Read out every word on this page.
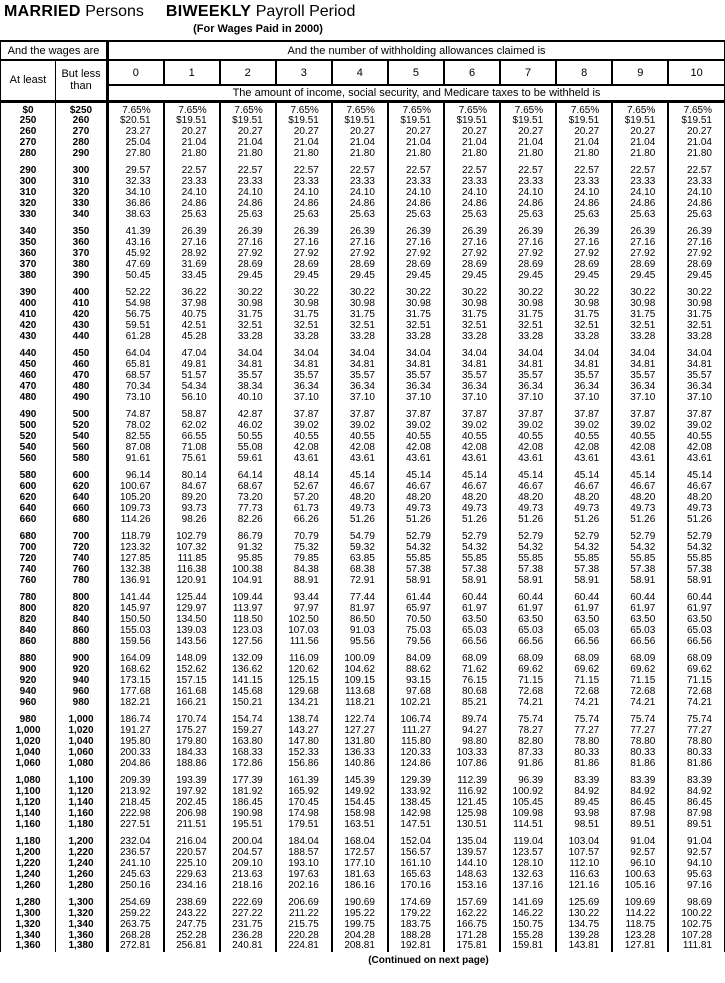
MARRIED Persons BIWEEKLY Payroll Period
(For Wages Paid in 2000)
And the wages are		And the number of withholding allowances claimed is										
At least	But less than	0	1	2	3	4	5	6	7	8	9	10
		The amount of income, social security, and Medicare taxes to be withheld is										
$0	$250	7.65%	7.65%	7.65%	7.65%	7.65%	7.65%	7.65%	7.65%	7.65%	7.65%	7.65%
250	260	$20.51	$19.51	$19.51	$19.51	$19.51	$19.51	$19.51	$19.51	$19.51	$19.51	$19.51
260	270	23.27	20.27	20.27	20.27	20.27	20.27	20.27	20.27	20.27	20.27	20.27
270	280	25.04	21.04	21.04	21.04	21.04	21.04	21.04	21.04	21.04	21.04	21.04
280	290	27.80	21.80	21.80	21.80	21.80	21.80	21.80	21.80	21.80	21.80	21.80
290	300	29.57	22.57	22.57	22.57	22.57	22.57	22.57	22.57	22.57	22.57	22.57
300	310	32.33	23.33	23.33	23.33	23.33	23.33	23.33	23.33	23.33	23.33	23.33
310	320	34.10	24.10	24.10	24.10	24.10	24.10	24.10	24.10	24.10	24.10	24.10
320	330	36.86	24.86	24.86	24.86	24.86	24.86	24.86	24.86	24.86	24.86	24.86
330	340	38.63	25.63	25.63	25.63	25.63	25.63	25.63	25.63	25.63	25.63	25.63
340	350	41.39	26.39	26.39	26.39	26.39	26.39	26.39	26.39	26.39	26.39	26.39
350	360	43.16	27.16	27.16	27.16	27.16	27.16	27.16	27.16	27.16	27.16	27.16
360	370	45.92	28.92	27.92	27.92	27.92	27.92	27.92	27.92	27.92	27.92	27.92
370	380	47.69	31.69	28.69	28.69	28.69	28.69	28.69	28.69	28.69	28.69	28.69
380	390	50.45	33.45	29.45	29.45	29.45	29.45	29.45	29.45	29.45	29.45	29.45
390	400	52.22	36.22	30.22	30.22	30.22	30.22	30.22	30.22	30.22	30.22	30.22
400	410	54.98	37.98	30.98	30.98	30.98	30.98	30.98	30.98	30.98	30.98	30.98
410	420	56.75	40.75	31.75	31.75	31.75	31.75	31.75	31.75	31.75	31.75	31.75
420	430	59.51	42.51	32.51	32.51	32.51	32.51	32.51	32.51	32.51	32.51	32.51
430	440	61.28	45.28	33.28	33.28	33.28	33.28	33.28	33.28	33.28	33.28	33.28
440	450	64.04	47.04	34.04	34.04	34.04	34.04	34.04	34.04	34.04	34.04	34.04
450	460	65.81	49.81	34.81	34.81	34.81	34.81	34.81	34.81	34.81	34.81	34.81
460	470	68.57	51.57	35.57	35.57	35.57	35.57	35.57	35.57	35.57	35.57	35.57
470	480	70.34	54.34	38.34	36.34	36.34	36.34	36.34	36.34	36.34	36.34	36.34
480	490	73.10	56.10	40.10	37.10	37.10	37.10	37.10	37.10	37.10	37.10	37.10
490	500	74.87	58.87	42.87	37.87	37.87	37.87	37.87	37.87	37.87	37.87	37.87
500	520	78.02	62.02	46.02	39.02	39.02	39.02	39.02	39.02	39.02	39.02	39.02
520	540	82.55	66.55	50.55	40.55	40.55	40.55	40.55	40.55	40.55	40.55	40.55
540	560	87.08	71.08	55.08	42.08	42.08	42.08	42.08	42.08	42.08	42.08	42.08
560	580	91.61	75.61	59.61	43.61	43.61	43.61	43.61	43.61	43.61	43.61	43.61
580	600	96.14	80.14	64.14	48.14	45.14	45.14	45.14	45.14	45.14	45.14	45.14
600	620	100.67	84.67	68.67	52.67	46.67	46.67	46.67	46.67	46.67	46.67	46.67
620	640	105.20	89.20	73.20	57.20	48.20	48.20	48.20	48.20	48.20	48.20	48.20
640	660	109.73	93.73	77.73	61.73	49.73	49.73	49.73	49.73	49.73	49.73	49.73
660	680	114.26	98.26	82.26	66.26	51.26	51.26	51.26	51.26	51.26	51.26	51.26
680	700	118.79	102.79	86.79	70.79	54.79	52.79	52.79	52.79	52.79	52.79	52.79
700	720	123.32	107.32	91.32	75.32	59.32	54.32	54.32	54.32	54.32	54.32	54.32
720	740	127.85	111.85	95.85	79.85	63.85	55.85	55.85	55.85	55.85	55.85	55.85
740	760	132.38	116.38	100.38	84.38	68.38	57.38	57.38	57.38	57.38	57.38	57.38
760	780	136.91	120.91	104.91	88.91	72.91	58.91	58.91	58.91	58.91	58.91	58.91
780	800	141.44	125.44	109.44	93.44	77.44	61.44	60.44	60.44	60.44	60.44	60.44
800	820	145.97	129.97	113.97	97.97	81.97	65.97	61.97	61.97	61.97	61.97	61.97
820	840	150.50	134.50	118.50	102.50	86.50	70.50	63.50	63.50	63.50	63.50	63.50
840	860	155.03	139.03	123.03	107.03	91.03	75.03	65.03	65.03	65.03	65.03	65.03
860	880	159.56	143.56	127.56	111.56	95.56	79.56	66.56	66.56	66.56	66.56	66.56
880	900	164.09	148.09	132.09	116.09	100.09	84.09	68.09	68.09	68.09	68.09	68.09
900	920	168.62	152.62	136.62	120.62	104.62	88.62	71.62	69.62	69.62	69.62	69.62
920	940	173.15	157.15	141.15	125.15	109.15	93.15	76.15	71.15	71.15	71.15	71.15
940	960	177.68	161.68	145.68	129.68	113.68	97.68	80.68	72.68	72.68	72.68	72.68
960	980	182.21	166.21	150.21	134.21	118.21	102.21	85.21	74.21	74.21	74.21	74.21
980	1,000	186.74	170.74	154.74	138.74	122.74	106.74	89.74	75.74	75.74	75.74	75.74
1,000	1,020	191.27	175.27	159.27	143.27	127.27	111.27	94.27	78.27	77.27	77.27	77.27
1,020	1,040	195.80	179.80	163.80	147.80	131.80	115.80	98.80	82.80	78.80	78.80	78.80
1,040	1,060	200.33	184.33	168.33	152.33	136.33	120.33	103.33	87.33	80.33	80.33	80.33
1,060	1,080	204.86	188.86	172.86	156.86	140.86	124.86	107.86	91.86	81.86	81.86	81.86
1,080	1,100	209.39	193.39	177.39	161.39	145.39	129.39	112.39	96.39	83.39	83.39	83.39
1,100	1,120	213.92	197.92	181.92	165.92	149.92	133.92	116.92	100.92	84.92	84.92	84.92
1,120	1,140	218.45	202.45	186.45	170.45	154.45	138.45	121.45	105.45	89.45	86.45	86.45
1,140	1,160	222.98	206.98	190.98	174.98	158.98	142.98	125.98	109.98	93.98	87.98	87.98
1,160	1,180	227.51	211.51	195.51	179.51	163.51	147.51	130.51	114.51	98.51	89.51	89.51
1,180	1,200	232.04	216.04	200.04	184.04	168.04	152.04	135.04	119.04	103.04	91.04	91.04
1,200	1,220	236.57	220.57	204.57	188.57	172.57	156.57	139.57	123.57	107.57	92.57	92.57
1,220	1,240	241.10	225.10	209.10	193.10	177.10	161.10	144.10	128.10	112.10	96.10	94.10
1,240	1,260	245.63	229.63	213.63	197.63	181.63	165.63	148.63	132.63	116.63	100.63	95.63
1,260	1,280	250.16	234.16	218.16	202.16	186.16	170.16	153.16	137.16	121.16	105.16	97.16
1,280	1,300	254.69	238.69	222.69	206.69	190.69	174.69	157.69	141.69	125.69	109.69	98.69
1,300	1,320	259.22	243.22	227.22	211.22	195.22	179.22	162.22	146.22	130.22	114.22	100.22
1,320	1,340	263.75	247.75	231.75	215.75	199.75	183.75	166.75	150.75	134.75	118.75	102.75
1,340	1,360	268.28	252.28	236.28	220.28	204.28	188.28	171.28	155.28	139.28	123.28	107.28
1,360	1,380	272.81	256.81	240.81	224.81	208.81	192.81	175.81	159.81	143.81	127.81	111.81
(Continued on next page)
